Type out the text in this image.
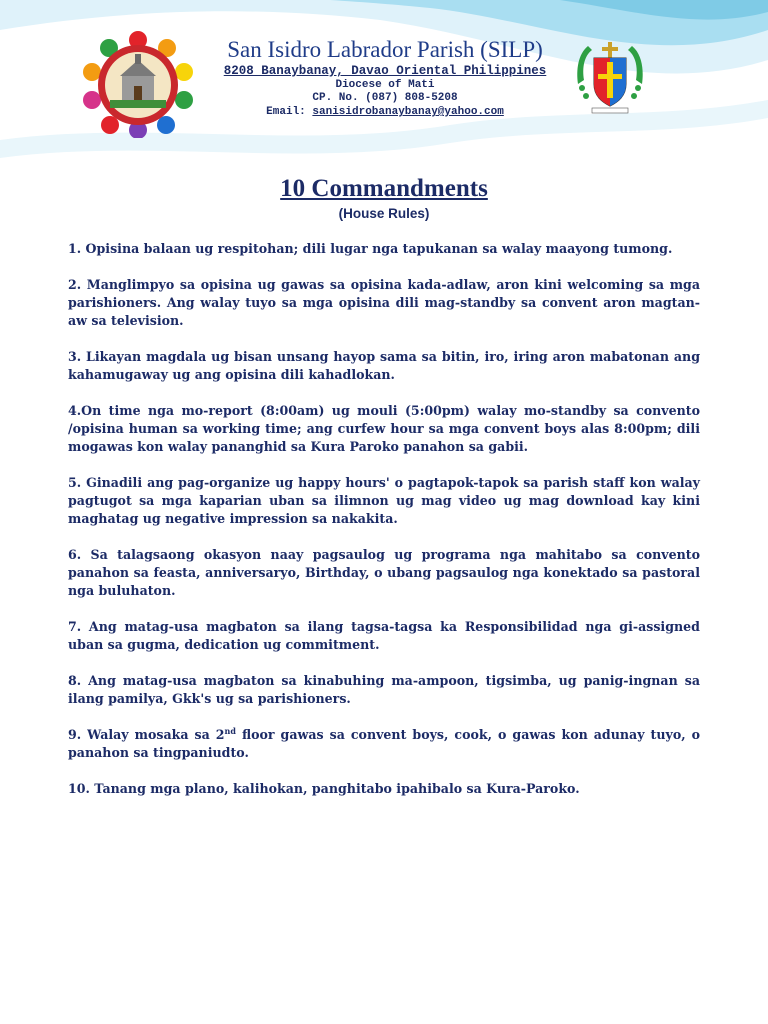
San Isidro Labrador Parish (SILP)
8208 Banaybanay, Davao Oriental Philippines
Diocese of Mati
CP. No. (087) 808-5208
Email: sanisidrobanaybanay@yahoo.com
10 Commandments
(House Rules)
1. Opisina balaan ug respitohan; dili lugar nga tapukanan sa walay maayong tumong.
2. Manglimpyo sa opisina ug gawas sa opisina kada-adlaw, aron kini welcoming sa mga parishioners. Ang walay tuyo sa mga opisina dili mag-standby sa convent aron magtan-aw sa television.
3. Likayan magdala ug bisan unsang hayop sama sa bitin, iro, iring aron mabatonan ang kahamugaway ug ang opisina dili kahadlokan.
4.On time nga mo-report (8:00am) ug mouli (5:00pm) walay mo-standby sa convento /opisina human sa working time; ang curfew hour sa mga convent boys alas 8:00pm; dili mogawas kon walay pananghid sa Kura Paroko panahon sa gabii.
5. Ginadili ang pag-organize ug happy hours' o pagtapok-tapok sa parish staff kon walay pagtugot sa mga kaparian uban sa ilimnon ug mag video ug mag download kay kini maghatag ug negative impression sa nakakita.
6. Sa talagsaong okasyon naay pagsaulog ug programa nga mahitabo sa convento panahon sa feasta, anniversaryo, Birthday, o ubang pagsaulog nga konektado sa pastoral nga buluhaton.
7. Ang matag-usa magbaton sa ilang tagsa-tagsa ka Responsibilidad nga gi-assigned uban sa gugma, dedication ug commitment.
8. Ang matag-usa magbaton sa kinabuhing ma-ampoon, tigsimba, ug panig-ingnan sa ilang pamilya, Gkk's ug sa parishioners.
9. Walay mosaka sa 2nd floor gawas sa convent boys, cook, o gawas kon adunay tuyo, o panahon sa tingpaniudto.
10. Tanang mga plano, kalihokan, panghitabo ipahibalo sa Kura-Paroko.
